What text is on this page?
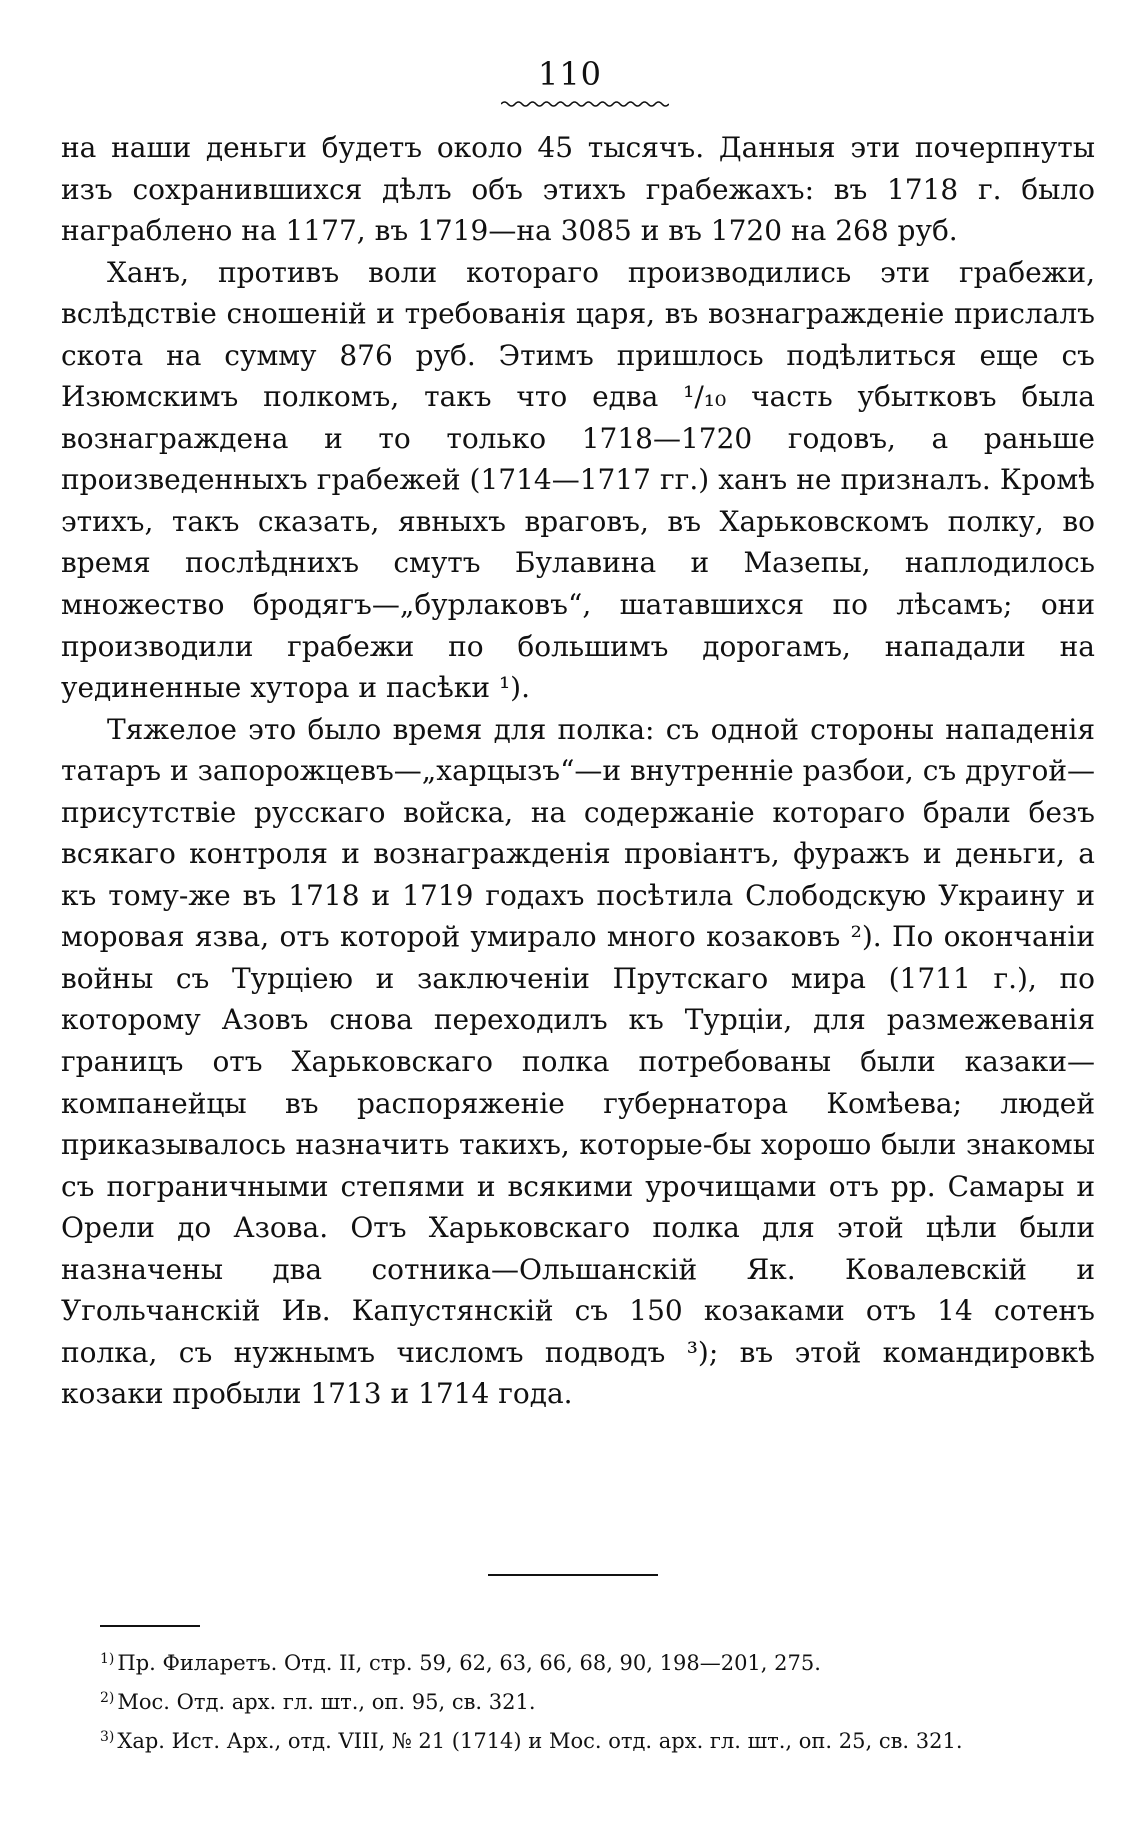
110

на наши деньги будетъ около 45 тысячъ. Данныя эти почерпнуты изъ сохранившихся дѣлъ объ этихъ грабежахъ: въ 1718 г. было награблено на 1177, въ 1719—на 3085 и въ 1720 на 268 руб.

Ханъ, противъ воли котораго производились эти грабежи, вслѣдствіе сношеній и требованія царя, въ вознагражденіе прислалъ скота на сумму 876 руб. Этимъ пришлось подѣлиться еще съ Изюмскимъ полкомъ, такъ что едва ¹/₁₀ часть убытковъ была вознаграждена и то только 1718—1720 годовъ, а раньше произведенныхъ грабежей (1714—1717 гг.) ханъ не призналъ. Кромѣ этихъ, такъ сказать, явныхъ враговъ, въ Харьковскомъ полку, во время послѣднихъ смутъ Булавина и Мазепы, наплодилось множество бродягъ—„бурлаковъ“, шатавшихся по лѣсамъ; они производили грабежи по большимъ дорогамъ, нападали на уединенные хутора и пасѣки ¹).

Тяжелое это было время для полка: съ одной стороны нападенія татаръ и запорожцевъ—„харцызъ“—и внутренніе разбои, съ другой—присутствіе русскаго войска, на содержаніе котораго брали безъ всякаго контроля и вознагражденія провіантъ, фуражъ и деньги, а къ тому-же въ 1718 и 1719 годахъ посѣтила Слободскую Украину и моровая язва, отъ которой умирало много козаковъ ²). По окончаніи войны съ Турціею и заключеніи Прутскаго мира (1711 г.), по которому Азовъ снова переходилъ къ Турціи, для размежеванія границъ отъ Харьковскаго полка потребованы были казаки—компанейцы въ распоряженіе губернатора Комѣева; людей приказывалось назначить такихъ, которые-бы хорошо были знакомы съ пограничными степями и всякими урочищами отъ рр. Самары и Орели до Азова. Отъ Харьковскаго полка для этой цѣли были назначены два сотника—Ольшанскій Як. Ковалевскій и Угольчанскій Ив. Капустянскій съ 150 козаками отъ 14 сотенъ полка, съ нужнымъ числомъ подводъ ³); въ этой командировкѣ козаки пробыли 1713 и 1714 года.

$^{1)}$ Пр. Филаретъ. Отд. II, стр. 59, 62, 63, 66, 68, 90, 198—201, 275.
$^{2)}$ Мос. Отд. арх. гл. шт., оп. 95, св. 321.
$^{3)}$ Хар. Ист. Арх., отд. VIII, № 21 (1714) и Мос. отд. арх. гл. шт., оп. 25, св. 321.
